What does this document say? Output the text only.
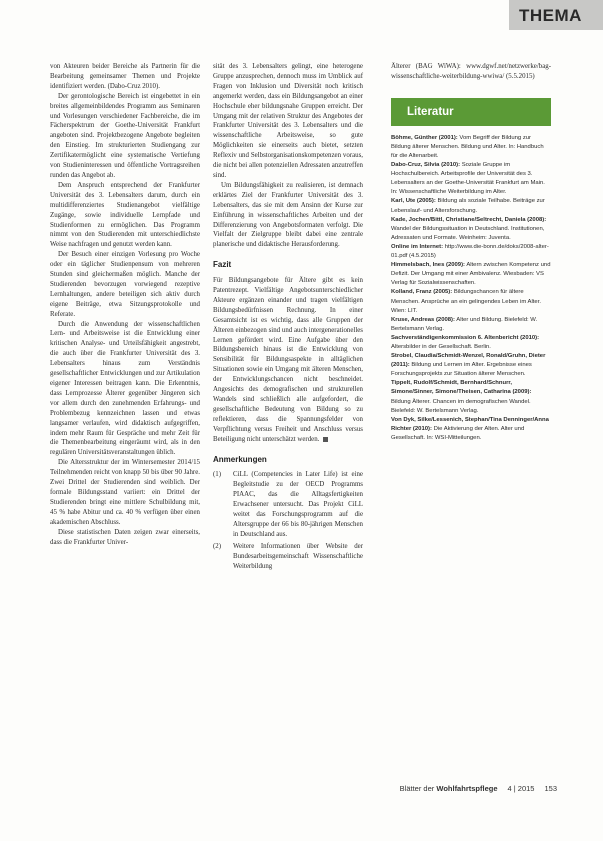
THEMA

von Akteuren beider Bereiche als Partnerin für die Bearbeitung gemeinsamer Themen und Projekte identifiziert werden. (Dabo-Cruz 2010).

Der gerontologische Bereich ist eingebettet in ein breites allgemeinbildendes Programm aus Seminaren und Vorlesungen verschiedener Fachbereiche, die im Fächerspektrum der Goethe-Universität Frankfurt angeboten sind. Projektbezogene Angebote begleiten den Einstieg. Im strukturierten Studiengang zur Zertifikatermöglicht eine systematische Vertiefung von Studieninteressen und öffentliche Vortragsreihen runden das Angebot ab.

Dem Anspruch entsprechend der Frankfurter Universität des 3. Lebensalters darum, durch ein multidifferenziertes Studienangebot vielfältige Zugänge, sowie individuelle Lernpfade und Studienformen zu ermöglichen. Das Programm nimmt von den Studierenden mit unterschiedlichste Weise nachfragen und genutzt werden kann.

Der Besuch einer einzigen Vorlesung pro Woche oder ein täglicher Studienpensum von mehreren Stunden sind gleichermaßen möglich. Manche der Studierenden bevorzugen vorwiegend rezeptive Lernhaltungen, andere beteiligen sich aktiv durch eigene Beiträge, etwa Sitzungsprotokolle und Referate.

Durch die Anwendung der wissenschaftlichen Lern- und Arbeitsweise ist die Entwicklung einer kritischen Analyse- und Urteilsfähigkeit angestrebt, die auch über die Frankfurter Universität des 3. Lebensalters hinaus zum Verständnis gesellschaftlicher Entwicklungen und zur Artikulation eigener Interessen beitragen kann. Die Erkenntnis, dass Lernprozesse Älterer gegenüber Jüngeren sich vor allem durch den zunehmenden Erfahrungs- und Problembezug kennzeichnen lassen und etwas langsamer verlaufen, wird didaktisch aufgegriffen, indem mehr Raum für Gespräche und mehr Zeit für die Themenbearbeitung eingeräumt wird, als in den regulären Universitätsveranstaltungen üblich.

Die Altersstruktur der im Wintersemester 2014/15 Teilnehmenden reicht von knapp 50 bis über 90 Jahre. Zwei Drittel der Studierenden sind weiblich. Der formale Bildungsstand variiert: ein Drittel der Studierenden bringt eine mittlere Schulbildung mit, 45 % habe Abitur und ca. 40 % verfügen über einen akademischen Abschluss.

Diese statistischen Daten zeigen zwar einerseits, dass die Frankfurter Univer-

sität des 3. Lebensalters gelingt, eine heterogene Gruppe anzusprechen, dennoch muss im Umblick auf Fragen von Inklusion und Diversität noch kritisch angemerkt werden, dass ein Bildungsangebot an einer Hochschule eher bildungsnahe Gruppen erreicht. Der Umgang mit der relativen Struktur des Angebotes der Frankfurter Universität des 3. Lebensalters und die wissenschaftliche Arbeitsweise, so gute Möglichkeiten sie einerseits auch bietet, setzten Reflexiv und Selbstorganisationskompetenzen voraus, die nicht bei allen potenziellen Adressaten anzutreffen sind.

Um Bildungsfähigkeit zu realisieren, ist demnach erklärtes Ziel der Frankfurter Universität des 3. Lebensalters, das sie mit dem Ansinn der Kurse zur Einführung in wissenschaftliches Arbeiten und der Differenzierung von Angebotsformaten verfolgt. Die Vielfalt der Zielgruppe bleibt dabei eine zentrale planerische und didaktische Herausforderung.

Fazit

Für Bildungsangebote für Ältere gibt es kein Patentrezept. Vielfältige Angebotsunterschiedlicher Akteure ergänzen einander und tragen vielfältigen Bildungsbedürfnissen Rechnung. In einer Gesamtsicht ist es wichtig, dass alle Gruppen der Älteren einbezogen sind und auch intergenerationelles Lernen gefördert wird. Eine Aufgabe über den Bildungsbereich hinaus ist die Entwicklung von Sensibilität für Bildungsaspekte in alltäglichen Situationen sowie ein Umgang mit älteren Menschen, der Entwicklungschancen nicht beschneidet. Angesichts des demografischen und strukturellen Wandels sind schließlich alle aufgefordert, die gesellschaftliche Bedeutung von Bildung so zu reflektieren, dass die Spannungsfelder von Verpflichtung versus Freiheit und Anschluss versus Beteiligung nicht unterschätzt werden.

Anmerkungen
(1)	CiLL (Competencies in Later Life) ist eine Begleitstudie zu der OECD Programms PIAAC, das die Alltagsfertigkeiten Erwachsener untersucht. Das Projekt CiLL weitet das Forschungsprogramm auf die Altersgruppe der 66 bis 80-jährigen Menschen in Deutschland aus.
(2)	Weitere Informationen über Website der Bundesarbeitsgemeinschaft Wissenschaftliche Weiterbildung

Älterer (BAG WiWA): www.dgwf.net/netzwerke/bag-wissenschaftliche-weiterbildung-wwiwa/ (5.5.2015)

Literatur
Böhme, Günther (2001): Vom Begriff der Bildung zur Bildung älterer Menschen. Bildung und Alter. In: Handbuch für die Altenarbeit.
Dabo-Cruz, Silvia (2010): Soziale Gruppe im Hochschulbereich. Arbeitsprofile der Universität des 3. Lebensalters an der Goethe-Universität Frankfurt am Main. In: Wissenschaftliche Weiterbildung im Alter.
Karl, Ute (2005): Bildung als soziale Teilhabe. Beiträge zur Lebenslauf- und Altersforschung.
Kade, Jochen/Bittl, Christiane/Seltrecht, Daniela (2008): Wandel der Bildungssituation in Deutschland. Institutionen, Adressaten und Formate. Weinheim: Juventa.
Online im Internet: http://www.die-bonn.de/doks/2008-alter-01.pdf (4.5.2015)
Himmelsbach, Ines (2009): Altern zwischen Kompetenz und Defizit. Der Umgang mit einer Ambivalenz. Wiesbaden: VS Verlag für Sozialwissenschaften.
Kolland, Franz (2005): Bildungschancen für ältere Menschen. Ansprüche an ein gelingendes Leben im Alter. Wien: LIT.
Kruse, Andreas (2008): Alter und Bildung. Bielefeld: W. Bertelsmann Verlag.
Sachverständigenkommission 6. Altenbericht (2010): Altersbilder in der Gesellschaft. Berlin.
Strobel, Claudia/Schmidt-Wenzel, Ronald/Gruhn, Dieter (2011): Bildung und Lernen im Alter. Ergebnisse eines Forschungsprojekts zur Situation älterer Menschen.
Tippelt, Rudolf/Schmidt, Bernhard/Schnurr, Simone/Sinner, Simone/Theisen, Catharina (2009): Bildung Älterer. Chancen im demografischen Wandel. Bielefeld: W. Bertelsmann Verlag.
Von Dyk, Silke/Lessenich, Stephan/Tina Denninger/Anna Richter (2010): Die Aktivierung der Alten. Alter und Gesellschaft. In: WSI-Mitteilungen.
Blätter der Wohlfahrtspflege 4 | 2015 153
